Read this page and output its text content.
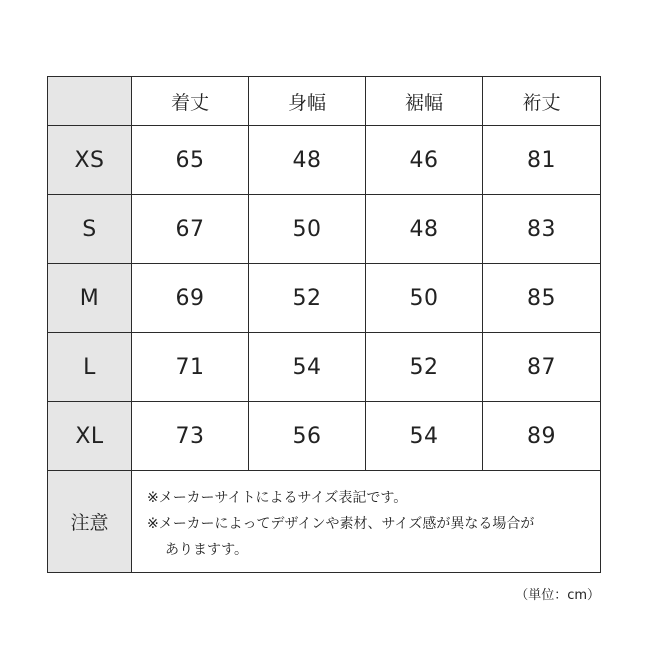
	着丈	身幅	裾幅	裄丈
XS	65	48	46	81
S	67	50	48	83
M	69	52	50	85
L	71	54	52	87
XL	73	56	54	89
注意	※メーカーサイトによるサイズ表記です。
※メーカーによってデザインや素材、サイズ感が異なる場合が
ありますす。			
（単位：cm）
